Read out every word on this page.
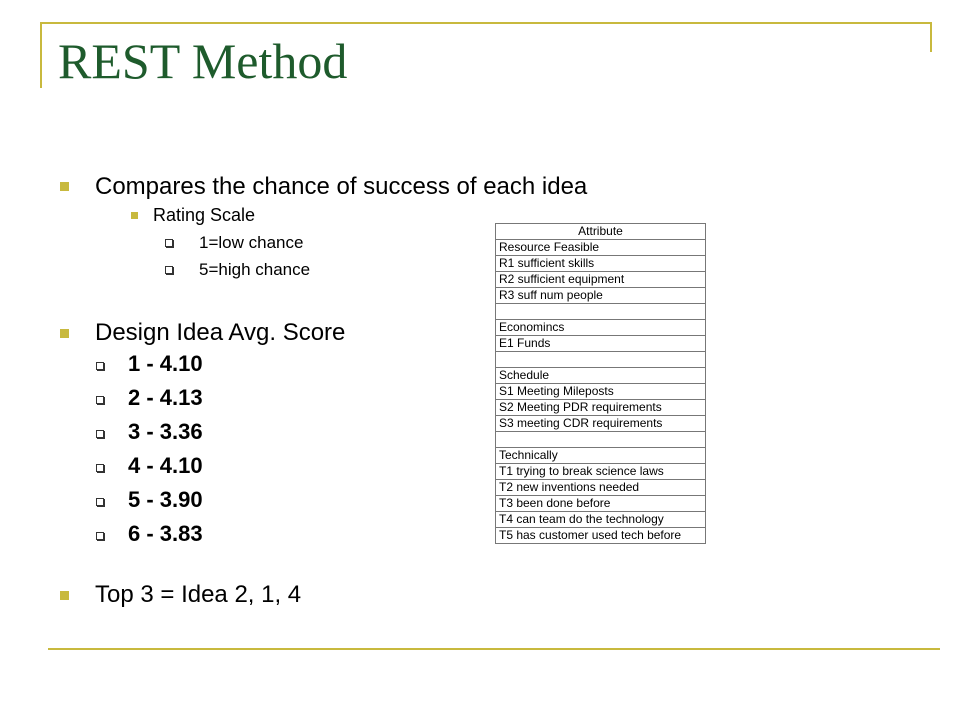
REST Method
Compares the chance of success of each idea
Rating Scale
1=low chance
5=high chance
Design Idea Avg. Score
1 - 4.10
2 - 4.13
3 - 3.36
4 - 4.10
5 - 3.90
6 - 3.83
Top 3 = Idea 2, 1, 4
Attribute
Resource Feasible
R1 sufficient skills
R2 sufficient equipment
R3 suff num people

Economincs
E1 Funds

Schedule
S1 Meeting Mileposts
S2 Meeting PDR requirements
S3 meeting CDR requirements

Technically
T1 trying to break science laws
T2 new inventions needed
T3 been done before
T4 can team do the technology
T5 has customer used tech before
